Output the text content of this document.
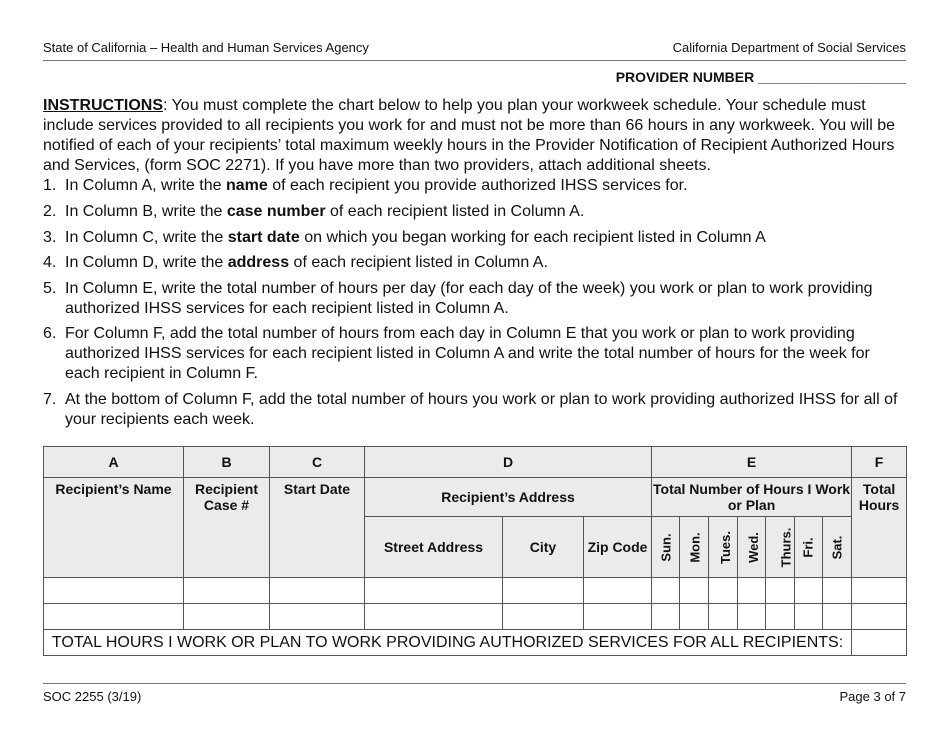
State of California – Health and Human Services Agency	California Department of Social Services
PROVIDER NUMBER ___________________
INSTRUCTIONS: You must complete the chart below to help you plan your workweek schedule. Your schedule must include services provided to all recipients you work for and must not be more than 66 hours in any workweek. You will be notified of each of your recipients’ total maximum weekly hours in the Provider Notification of Recipient Authorized Hours and Services, (form SOC 2271). If you have more than two providers, attach additional sheets.
1. In Column A, write the name of each recipient you provide authorized IHSS services for.
2. In Column B, write the case number of each recipient listed in Column A.
3. In Column C, write the start date on which you began working for each recipient listed in Column A
4. In Column D, write the address of each recipient listed in Column A.
5. In Column E, write the total number of hours per day (for each day of the week) you work or plan to work providing authorized IHSS services for each recipient listed in Column A.
6. For Column F, add the total number of hours from each day in Column E that you work or plan to work providing authorized IHSS services for each recipient listed in Column A and write the total number of hours for the week for each recipient in Column F.
7. At the bottom of Column F, add the total number of hours you work or plan to work providing authorized IHSS for all of your recipients each week.
A	B	C	D			E							F
Recipient’s Name	Recipient Case #	Start Date	Recipient’s Address			Total Number of Hours I Work or Plan							Total Hours
			Street Address	City	Zip Code	Sun.	Mon.	Tues.	Wed.	Thurs.	Fri.	Sat.	

TOTAL HOURS I WORK OR PLAN TO WORK PROVIDING AUTHORIZED SERVICES FOR ALL RECIPIENTS:													
SOC 2255 (3/19)	Page 3 of 7
